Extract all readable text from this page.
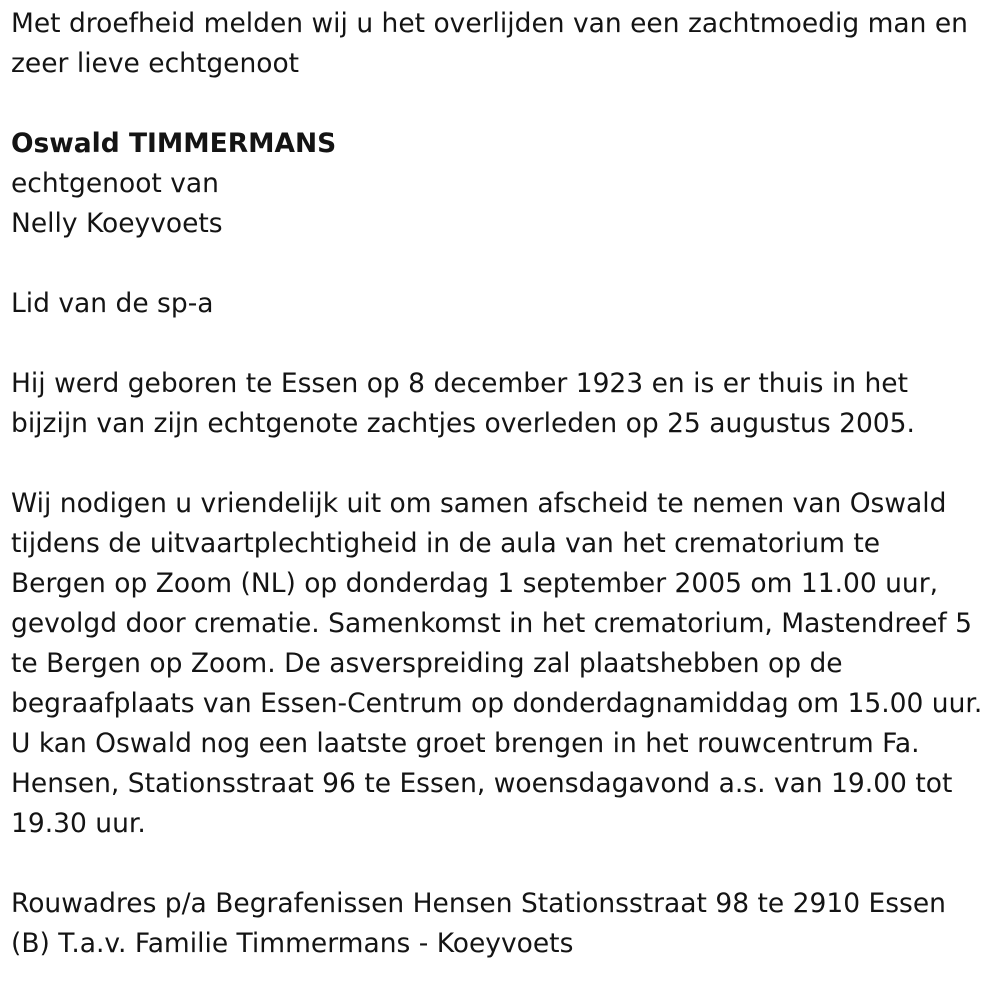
Met droefheid melden wij u het overlijden van een zachtmoedig man en

zeer lieve echtgenoot

Oswald TIMMERMANS

echtgenoot van

Nelly Koeyvoets

Lid van de sp-a

Hij werd geboren te Essen op 8 december 1923 en is er thuis in het

bijzijn van zijn echtgenote zachtjes overleden op 25 augustus 2005.

Wij nodigen u vriendelijk uit om samen afscheid te nemen van Oswald

tijdens de uitvaartplechtigheid in de aula van het crematorium te

Bergen op Zoom (NL) op donderdag 1 september 2005 om 11.00 uur,

gevolgd door crematie. Samenkomst in het crematorium, Mastendreef 5

te Bergen op Zoom. De asverspreiding zal plaatshebben op de

begraafplaats van Essen-Centrum op donderdagnamiddag om 15.00 uur.

U kan Oswald nog een laatste groet brengen in het rouwcentrum Fa.

Hensen, Stationsstraat 96 te Essen, woensdagavond a.s. van 19.00 tot

19.30 uur.

Rouwadres p/a Begrafenissen Hensen Stationsstraat 98 te 2910 Essen

(B) T.a.v. Familie Timmermans - Koeyvoets
